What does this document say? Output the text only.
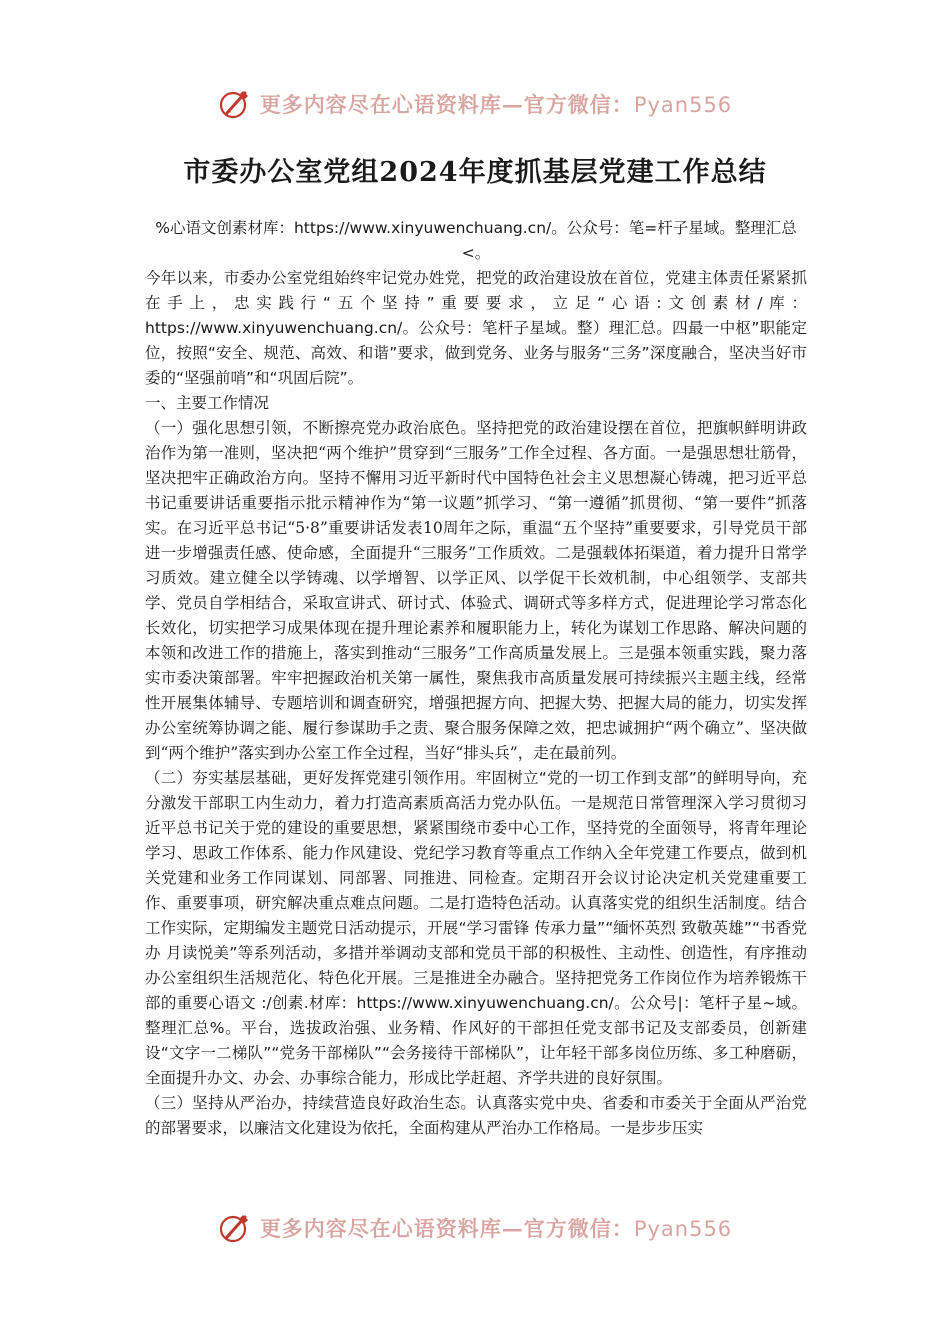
更多内容尽在心语资料库—官方微信：Pyan556
市委办公室党组2024年度抓基层党建工作总结
%心语文创素材库：https://www.xinyuwenchuang.cn/。公众号：笔=杆子星域。整理汇总<。

今年以来，市委办公室党组始终牢记党办姓党，把党的政治建设放在首位，党建主体责任紧紧抓在手上，忠实践行“五个坚持”重要要求，立足“心语:文创素材/库：https://www.xinyuwenchuang.cn/。公众号：笔杆子星域。整）理汇总。四最一中枢”职能定位，按照“安全、规范、高效、和谐”要求，做到党务、业务与服务“三务”深度融合，坚决当好市委的“坚强前哨”和“巩固后院”。

一、主要工作情况

（一）强化思想引领，不断擦亮党办政治底色。坚持把党的政治建设摆在首位，把旗帜鲜明讲政治作为第一准则，坚决把“两个维护”贯穿到“三服务”工作全过程、各方面。一是强思想壮筋骨，坚决把牢正确政治方向。坚持不懈用习近平新时代中国特色社会主义思想凝心铸魂，把习近平总书记重要讲话重要指示批示精神作为“第一议题”抓学习、“第一遵循”抓贯彻、“第一要件”抓落实。在习近平总书记“5·8”重要讲话发表10周年之际，重温“五个坚持”重要要求，引导党员干部进一步增强责任感、使命感，全面提升“三服务”工作质效。二是强载体拓渠道，着力提升日常学习质效。建立健全以学铸魂、以学增智、以学正风、以学促干长效机制，中心组领学、支部共学、党员自学相结合，采取宣讲式、研讨式、体验式、调研式等多样方式，促进理论学习常态化长效化，切实把学习成果体现在提升理论素养和履职能力上，转化为谋划工作思路、解决问题的本领和改进工作的措施上，落实到推动“三服务”工作高质量发展上。三是强本领重实践，聚力落实市委决策部署。牢牢把握政治机关第一属性，聚焦我市高质量发展可持续振兴主题主线，经常性开展集体辅导、专题培训和调查研究，增强把握方向、把握大势、把握大局的能力，切实发挥办公室统筹协调之能、履行参谋助手之责、聚合服务保障之效，把忠诚拥护“两个确立”、坚决做到“两个维护”落实到办公室工作全过程，当好“排头兵”，走在最前列。

（二）夯实基层基础，更好发挥党建引领作用。牢固树立“党的一切工作到支部”的鲜明导向，充分激发干部职工内生动力，着力打造高素质高活力党办队伍。一是规范日常管理深入学习贯彻习近平总书记关于党的建设的重要思想，紧紧围绕市委中心工作，坚持党的全面领导，将青年理论学习、思政工作体系、能力作风建设、党纪学习教育等重点工作纳入全年党建工作要点，做到机关党建和业务工作同谋划、同部署、同推进、同检查。定期召开会议讨论决定机关党建重要工作、重要事项，研究解决重点难点问题。二是打造特色活动。认真落实党的组织生活制度。结合工作实际，定期编发主题党日活动提示，开展“学习雷锋 传承力量”“缅怀英烈 致敬英雄”“书香党办 月读悦美”等系列活动，多措并举调动支部和党员干部的积极性、主动性、创造性，有序推动办公室组织生活规范化、特色化开展。三是推进全办融合。坚持把党务工作岗位作为培养锻炼干部的重要心语文 :/创素.材库：https://www.xinyuwenchuang.cn/。公众号|：笔杆子星~域。整理汇总%。平台，选拔政治强、业务精、作风好的干部担任党支部书记及支部委员，创新建设“文字一二梯队”“党务干部梯队”“会务接待干部梯队”，让年轻干部多岗位历练、多工种磨砺，全面提升办文、办会、办事综合能力，形成比学赶超、齐学共进的良好氛围。

（三）坚持从严治办，持续营造良好政治生态。认真落实党中央、省委和市委关于全面从严治党的部署要求，以廉洁文化建设为依托，全面构建从严治办工作格局。一是步步压实

更多内容尽在心语资料库—官方微信：Pyan556
